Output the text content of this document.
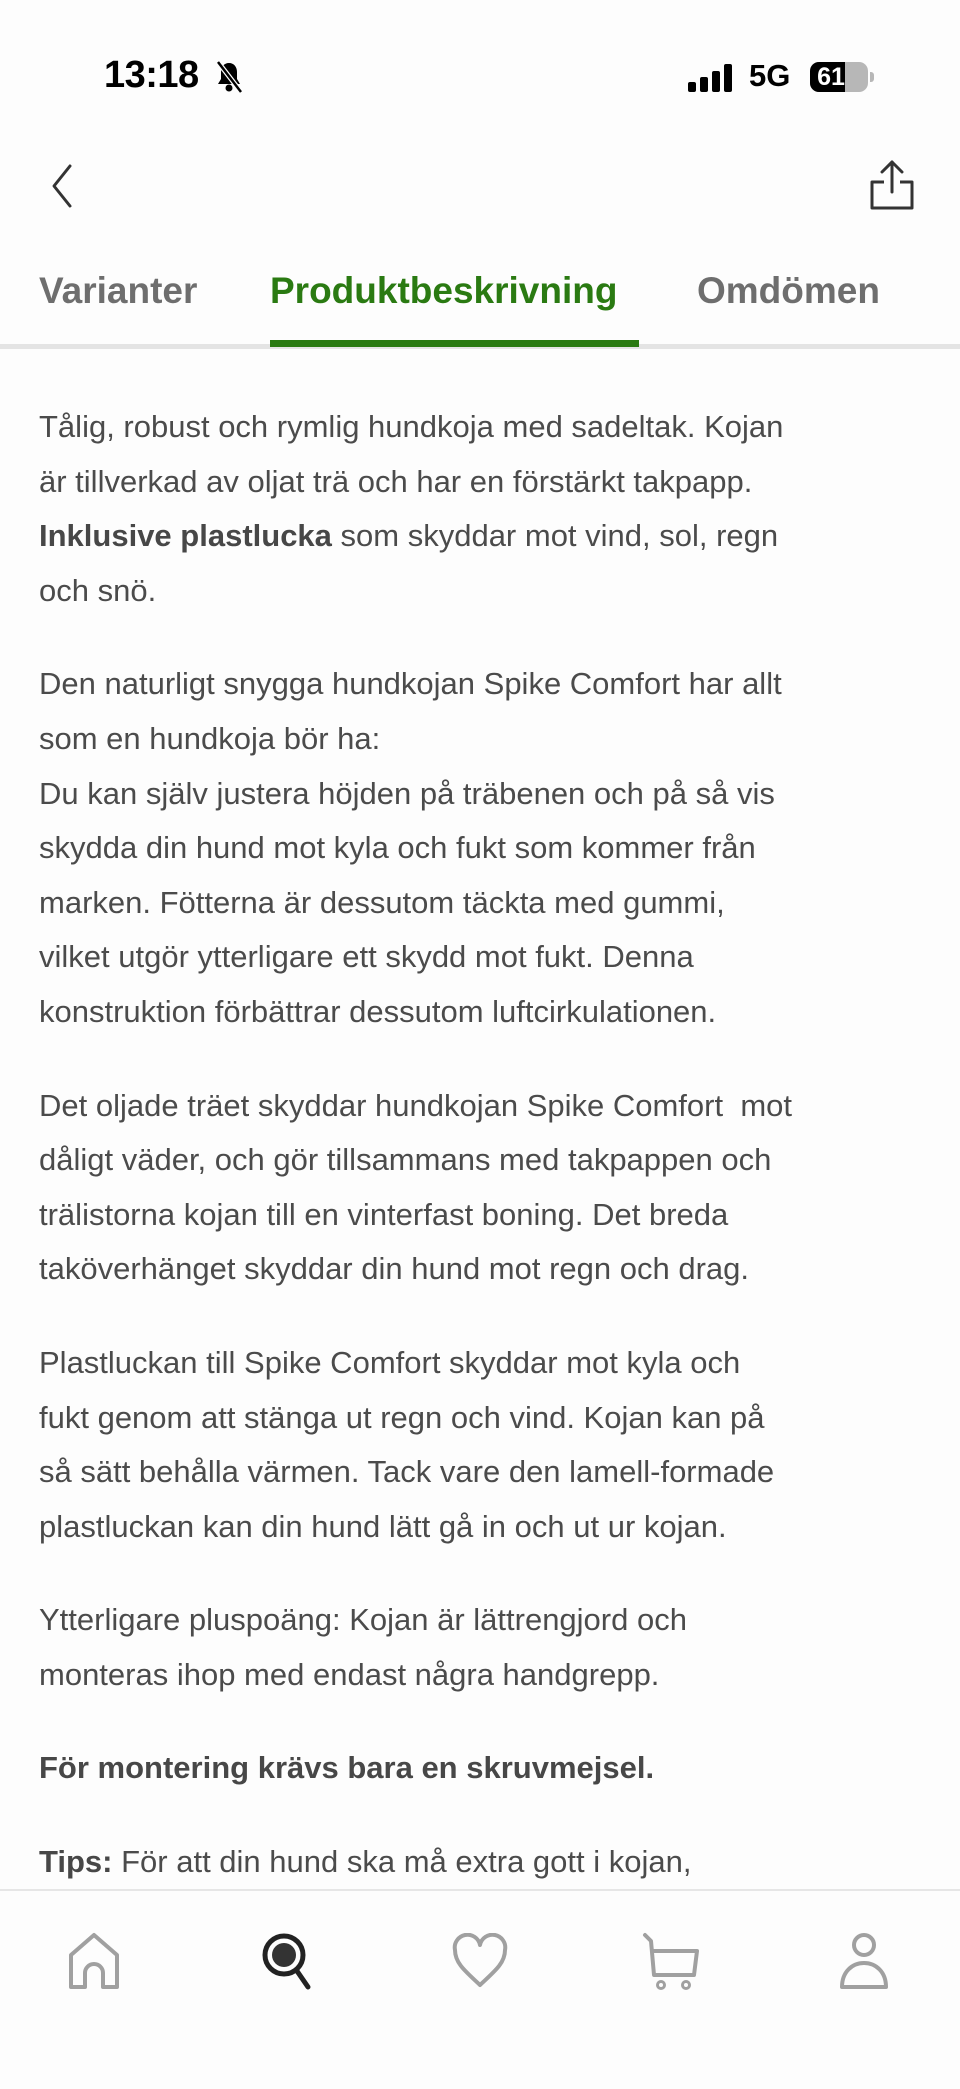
13:18	5G 61
Varianter Produktbeskrivning Omdömen
Tålig, robust och rymlig hundkoja med sadeltak. Kojan
är tillverkad av oljat trä och har en förstärkt takpapp.
Inklusive plastlucka som skyddar mot vind, sol, regn
och snö.
Den naturligt snygga hundkojan Spike Comfort har allt
som en hundkoja bör ha:
Du kan själv justera höjden på träbenen och på så vis
skydda din hund mot kyla och fukt som kommer från
marken. Fötterna är dessutom täckta med gummi,
vilket utgör ytterligare ett skydd mot fukt. Denna
konstruktion förbättrar dessutom luftcirkulationen.
Det oljade träet skyddar hundkojan Spike Comfort  mot
dåligt väder, och gör tillsammans med takpappen och
trälistorna kojan till en vinterfast boning. Det breda
taköverhänget skyddar din hund mot regn och drag.
Plastluckan till Spike Comfort skyddar mot kyla och
fukt genom att stänga ut regn och vind. Kojan kan på
så sätt behålla värmen. Tack vare den lamell-formade
plastluckan kan din hund lätt gå in och ut ur kojan.
Ytterligare pluspoäng: Kojan är lättrengjord och
monteras ihop med endast några handgrepp.
För montering krävs bara en skruvmejsel.
Tips: För att din hund ska må extra gott i kojan,
